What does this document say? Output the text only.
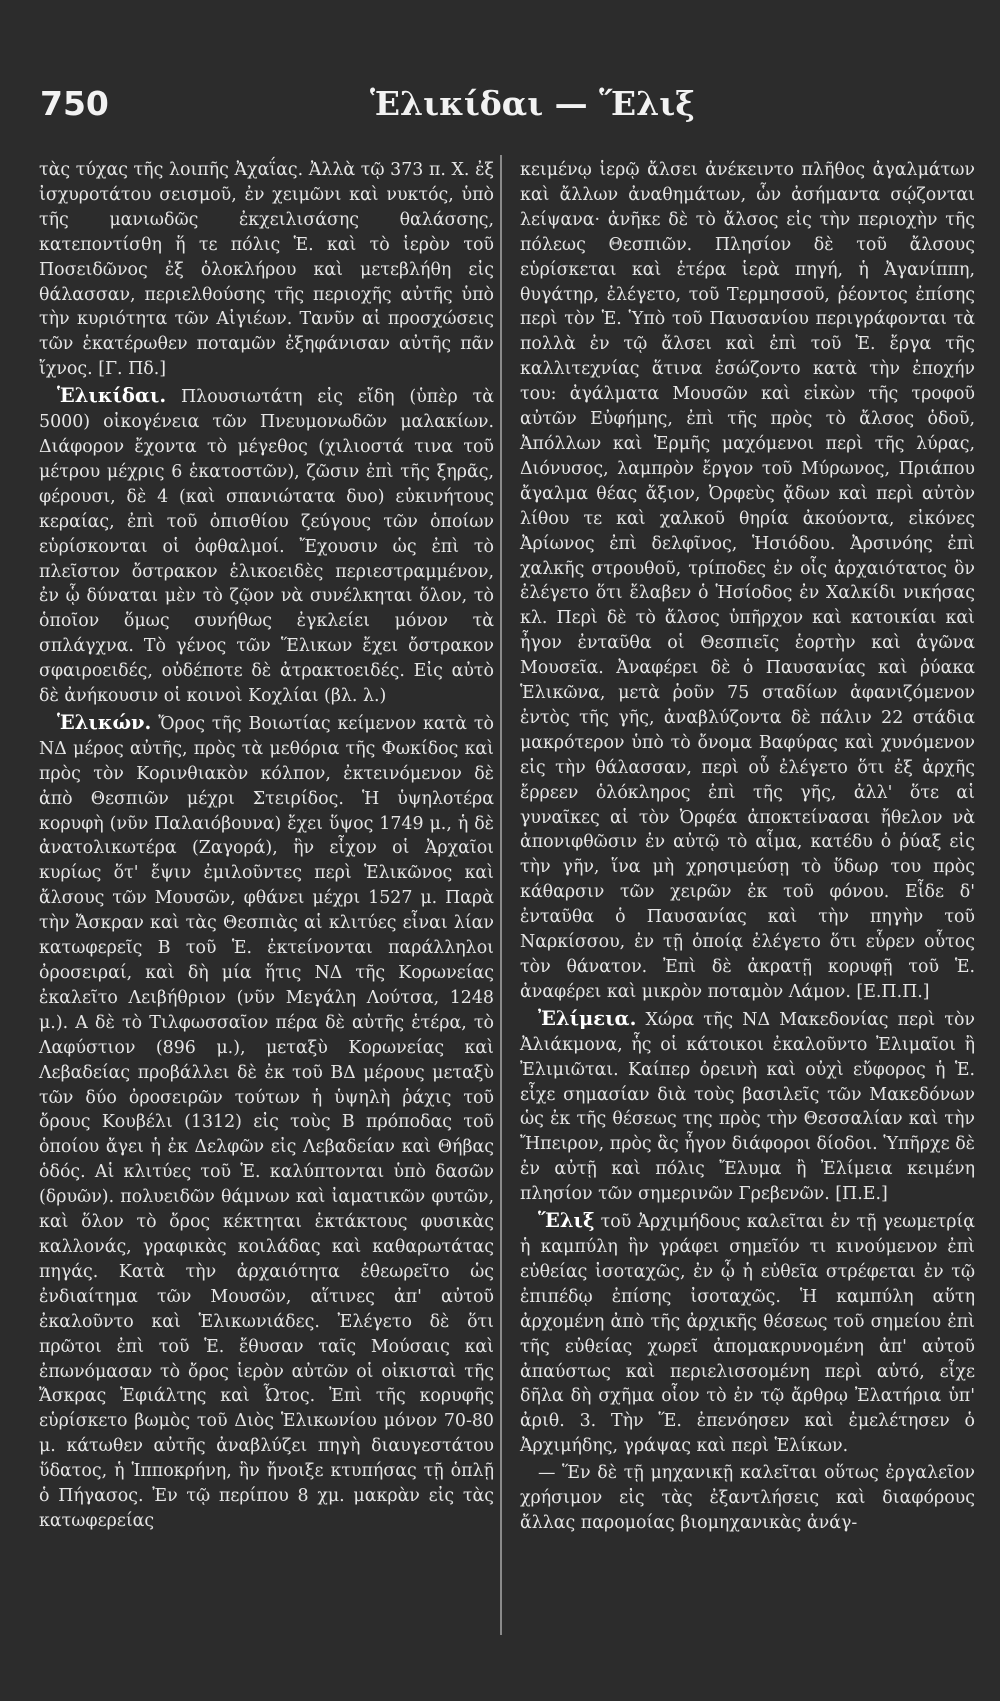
750	Ἑλικίδαι — Ἕλιξ

τὰς τύχας τῆς λοιπῆς Ἀχαΐας. Ἀλλὰ τῷ 373 π. Χ. ἐξ ἰσχυροτάτου σεισμοῦ, ἐν χειμῶνι καὶ νυκτός, ὑπὸ τῆς μανιωδῶς ἐκχειλισάσης θαλάσσης, κατεποντίσθη ἥ τε πόλις Ἑ. καὶ τὸ ἱερὸν τοῦ Ποσειδῶνος ἐξ ὁλοκλήρου καὶ μετεβλήθη εἰς θάλασσαν, περιελθούσης τῆς περιοχῆς αὐτῆς ὑπὸ τὴν κυριότητα τῶν Αἰγιέων. Τανῦν αἱ προσχώσεις τῶν ἑκατέρωθεν ποταμῶν ἐξηφάνισαν αὐτῆς πᾶν ἴχνος. [Γ. Πδ.]

Ἑλικίδαι. Πλουσιωτάτη εἰς εἴδη (ὑπὲρ τὰ 5000) οἰκογένεια τῶν Πνευμονωδῶν μαλακίων. Διάφορον ἔχοντα τὸ μέγεθος (χιλιοστά τινα τοῦ μέτρου μέχρις 6 ἑκατοστῶν), ζῶσιν ἐπὶ τῆς ξηρᾶς, φέρουσι, δὲ 4 (καὶ σπανιώτατα δυο) εὐκινήτους κεραίας, ἐπὶ τοῦ ὀπισθίου ζεύγους τῶν ὁποίων εὑρίσκονται οἱ ὀφθαλμοί. Ἔχουσιν ὡς ἐπὶ τὸ πλεῖστον ὄστρακον ἑλικοειδὲς περιεστραμμένον, ἐν ᾧ δύναται μὲν τὸ ζῷον νὰ συνέλκηται ὅλον, τὸ ὁποῖον ὅμως συνήθως ἐγκλείει μόνον τὰ σπλάγχνα. Τὸ γένος τῶν Ἕλικων ἔχει ὄστρακον σφαιροειδές, οὐδέποτε δὲ ἀτρακτοειδές. Εἰς αὐτὸ δὲ ἀνήκουσιν οἱ κοινοὶ Κοχλίαι (βλ. λ.)

Ἑλικών. Ὄρος τῆς Βοιωτίας κείμενον κατὰ τὸ ΝΔ μέρος αὐτῆς, πρὸς τὰ μεθόρια τῆς Φωκίδος καὶ πρὸς τὸν Κορινθιακὸν κόλπον, ἐκτεινόμενον δὲ ἀπὸ Θεσπιῶν μέχρι Στειρίδος. Ἡ ὑψηλοτέρα κορυφὴ (νῦν Παλαιόβουνα) ἔχει ὕψος 1749 μ., ἡ δὲ ἀνατολικωτέρα (Ζαγορά), ἣν εἶχον οἱ Ἀρχαῖοι κυρίως ὅτ' ἔψιν ἐμιλοῦντες περὶ Ἑλικῶνος καὶ ἄλσους τῶν Μουσῶν, φθάνει μέχρι 1527 μ. Παρὰ τὴν Ἄσκραν καὶ τὰς Θεσπιὰς αἱ κλιτύες εἶναι λίαν κατωφερεῖς Β τοῦ Ἑ. ἐκτείνονται παράλληλοι ὀροσειραί, καὶ δὴ μία ἥτις ΝΔ τῆς Κορωνείας ἐκαλεῖτο Λειβήθριον (νῦν Μεγάλη Λούτσα, 1248 μ.). Α δὲ τὸ Τιλφωσσαῖον πέρα δὲ αὐτῆς ἑτέρα, τὸ Λαφύστιον (896 μ.), μεταξὺ Κορωνείας καὶ Λεβαδείας προβάλλει δὲ ἐκ τοῦ ΒΔ μέρους μεταξὺ τῶν δύο ὀροσειρῶν τούτων ἡ ὑψηλὴ ῥάχις τοῦ ὄρους Κουβέλι (1312) εἰς τοὺς Β πρόποδας τοῦ ὁποίου ἄγει ἡ ἐκ Δελφῶν εἰς Λεβαδείαν καὶ Θήβας ὁδός. Αἱ κλιτύες τοῦ Ἑ. καλύπτονται ὑπὸ δασῶν (δρυῶν). πολυειδῶν θάμνων καὶ ἰαματικῶν φυτῶν, καὶ ὅλον τὸ ὄρος κέκτηται ἐκτάκτους φυσικὰς καλλονάς, γραφικὰς κοιλάδας καὶ καθαρωτάτας πηγάς. Κατὰ τὴν ἀρχαιότητα ἐθεωρεῖτο ὡς ἐνδιαίτημα τῶν Μουσῶν, αἵτινες ἀπ' αὐτοῦ ἐκαλοῦντο καὶ Ἑλικωνιάδες. Ἐλέγετο δὲ ὅτι πρῶτοι ἐπὶ τοῦ Ἑ. ἔθυσαν ταῖς Μούσαις καὶ ἐπωνόμασαν τὸ ὄρος ἱερὸν αὐτῶν οἱ οἰκισταὶ τῆς Ἄσκρας Ἐφιάλτης καὶ Ὦτος. Ἐπὶ τῆς κορυφῆς εὑρίσκετο βωμὸς τοῦ Διὸς Ἑλικωνίου μόνον 70-80 μ. κάτωθεν αὐτῆς ἀναβλύζει πηγὴ διαυγεστάτου ὕδατος, ἡ Ἱπποκρήνη, ἣν ἤνοιξε κτυπήσας τῇ ὁπλῇ ὁ Πήγασος. Ἐν τῷ περίπου 8 χμ. μακρὰν εἰς τὰς κατωφερείας

κειμένῳ ἱερῷ ἄλσει ἀνέκειντο πλῆθος ἀγαλμάτων καὶ ἄλλων ἀναθημάτων, ὧν ἀσήμαντα σῴζονται λείψανα· ἀνῆκε δὲ τὸ ἄλσος εἰς τὴν περιοχὴν τῆς πόλεως Θεσπιῶν. Πλησίον δὲ τοῦ ἄλσους εὑρίσκεται καὶ ἑτέρα ἱερὰ πηγή, ἡ Ἀγανίππη, θυγάτηρ, ἐλέγετο, τοῦ Τερμησσοῦ, ῥέοντος ἐπίσης περὶ τὸν Ἑ. Ὑπὸ τοῦ Παυσανίου περιγράφονται τὰ πολλὰ ἐν τῷ ἄλσει καὶ ἐπὶ τοῦ Ἑ. ἔργα τῆς καλλιτεχνίας ἅτινα ἑσώζοντο κατὰ τὴν ἐποχήν του: ἀγάλματα Μουσῶν καὶ εἰκὼν τῆς τροφοῦ αὐτῶν Εὐφήμης, ἐπὶ τῆς πρὸς τὸ ἄλσος ὁδοῦ, Ἀπόλλων καὶ Ἑρμῆς μαχόμενοι περὶ τῆς λύρας, Διόνυσος, λαμπρὸν ἔργον τοῦ Μύρωνος, Πριάπου ἄγαλμα θέας ἄξιον, Ὀρφεὺς ᾄδων καὶ περὶ αὐτὸν λίθου τε καὶ χαλκοῦ θηρία ἀκούοντα, εἰκόνες Ἀρίωνος ἐπὶ δελφῖνος, Ἡσιόδου. Ἀρσινόης ἐπὶ χαλκῆς στρουθοῦ, τρίποδες ἐν οἷς ἀρχαιότατος ὃν ἐλέγετο ὅτι ἔλαβεν ὁ Ἡσίοδος ἐν Χαλκίδι νικήσας κλ. Περὶ δὲ τὸ ἄλσος ὑπῆρχον καὶ κατοικίαι καὶ ἦγον ἐνταῦθα οἱ Θεσπιεῖς ἑορτὴν καὶ ἀγῶνα Μουσεῖα. Ἀναφέρει δὲ ὁ Παυσανίας καὶ ῥύακα Ἑλικῶνα, μετὰ ῥοῦν 75 σταδίων ἀφανιζόμενον ἐντὸς τῆς γῆς, ἀναβλύζοντα δὲ πάλιν 22 στάδια μακρότερον ὑπὸ τὸ ὄνομα Βαφύρας καὶ χυνόμενον εἰς τὴν θάλασσαν, περὶ οὗ ἐλέγετο ὅτι ἐξ ἀρχῆς ἔρρεεν ὁλόκληρος ἐπὶ τῆς γῆς, ἀλλ' ὅτε αἱ γυναῖκες αἱ τὸν Ὀρφέα ἀποκτείνασαι ἤθελον νὰ ἀπονιφθῶσιν ἐν αὐτῷ τὸ αἷμα, κατέδυ ὁ ῥύαξ εἰς τὴν γῆν, ἵνα μὴ χρησιμεύσῃ τὸ ὕδωρ του πρὸς κάθαρσιν τῶν χειρῶν ἐκ τοῦ φόνου. Εἶδε δ' ἐνταῦθα ὁ Παυσανίας καὶ τὴν πηγὴν τοῦ Ναρκίσσου, ἐν τῇ ὁποίᾳ ἐλέγετο ὅτι εὗρεν οὗτος τὸν θάνατον. Ἐπὶ δὲ ἀκρατῇ κορυφῇ τοῦ Ἑ. ἀναφέρει καὶ μικρὸν ποταμὸν Λάμον. [Ε.Π.Π.]

Ἐλίμεια. Χώρα τῆς ΝΔ Μακεδονίας περὶ τὸν Ἀλιάκμονα, ἧς οἱ κάτοικοι ἐκαλοῦντο Ἐλιμαῖοι ἢ Ἐλιμιῶται. Καίπερ ὀρεινὴ καὶ οὐχὶ εὔφορος ἡ Ἑ. εἶχε σημασίαν διὰ τοὺς βασιλεῖς τῶν Μακεδόνων ὡς ἐκ τῆς θέσεως της πρὸς τὴν Θεσσαλίαν καὶ τὴν Ἤπειρον, πρὸς ἃς ἦγον διάφοροι δίοδοι. Ὑπῆρχε δὲ ἐν αὐτῇ καὶ πόλις Ἔλυμα ἢ Ἐλίμεια κειμένη πλησίον τῶν σημερινῶν Γρεβενῶν. [Π.Ε.]

Ἕλιξ τοῦ Ἀρχιμήδους καλεῖται ἐν τῇ γεωμετρίᾳ ἡ καμπύλη ἣν γράφει σημεῖόν τι κινούμενον ἐπὶ εὐθείας ἰσοταχῶς, ἐν ᾧ ἡ εὐθεῖα στρέφεται ἐν τῷ ἐπιπέδῳ ἐπίσης ἰσοταχῶς. Ἡ καμπύλη αὕτη ἀρχομένη ἀπὸ τῆς ἀρχικῆς θέσεως τοῦ σημείου ἐπὶ τῆς εὐθείας χωρεῖ ἀπομακρυνομένη ἀπ' αὐτοῦ ἀπαύστως καὶ περιελισσομένη περὶ αὐτό, εἶχε δῆλα δὴ σχῆμα οἷον τὸ ἐν τῷ ἄρθρῳ Ἐλατήρια ὑπ' ἀριθ. 3. Τὴν Ἕ. ἐπενόησεν καὶ ἐμελέτησεν ὁ Ἀρχιμήδης, γράψας καὶ περὶ Ἑλίκων.

— Ἕν δὲ τῇ μηχανικῇ καλεῖται οὕτως ἐργαλεῖον χρήσιμον εἰς τὰς ἐξαντλήσεις καὶ διαφόρους ἄλλας παρομοίας βιομηχανικὰς ἀνάγ-
